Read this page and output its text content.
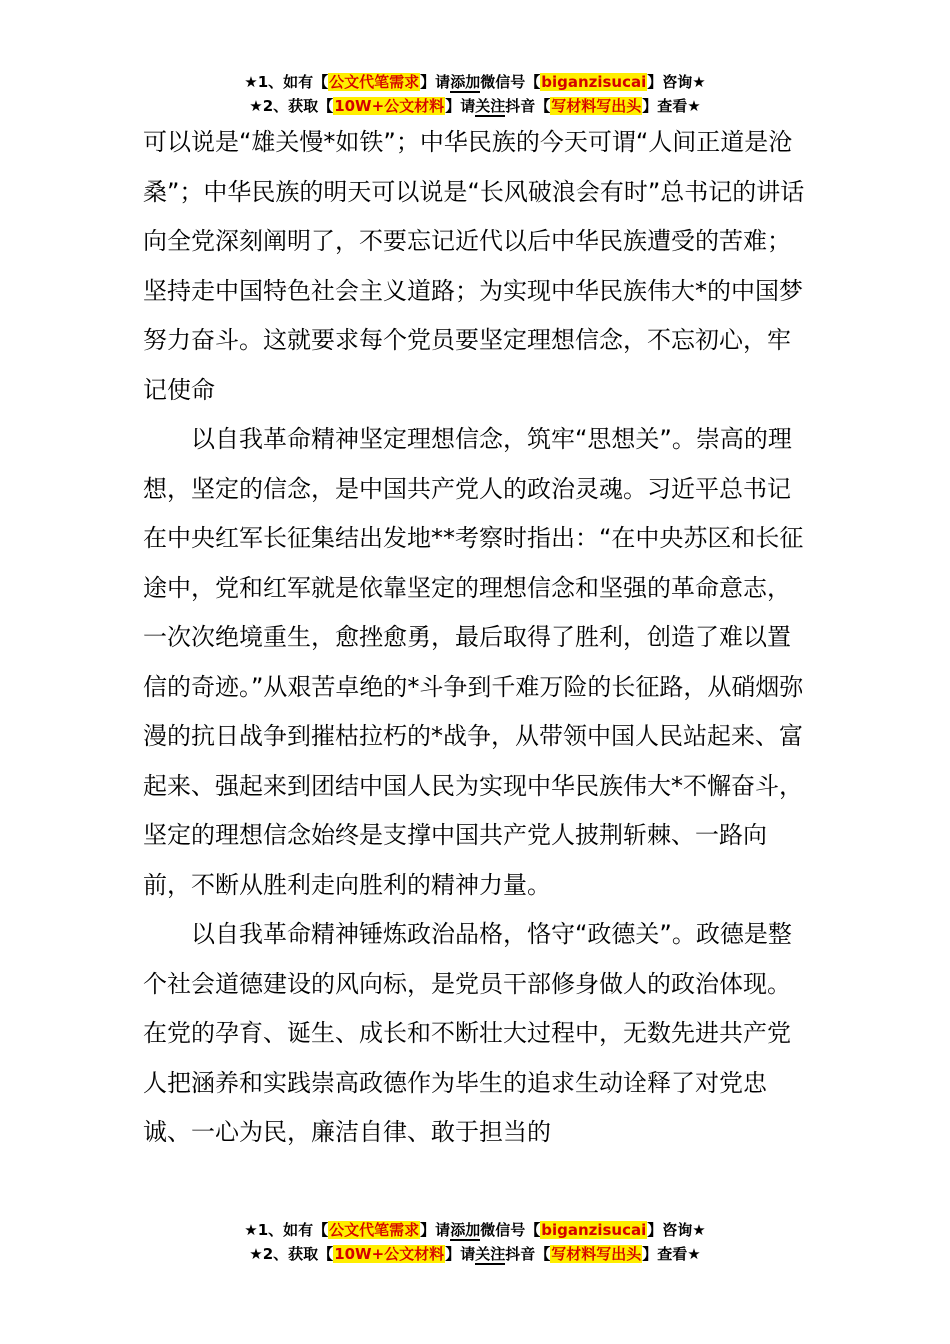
★1、如有【公文代笔需求】请添加微信号【biganzisucai】咨询★
★2、获取【10W+公文材料】请关注抖音【写材料写出头】查看★

可以说是“雄关慢*如铁”；中华民族的今天可谓“人间正道是沧桑”；中华民族的明天可以说是“长风破浪会有时”总书记的讲话向全党深刻阐明了，不要忘记近代以后中华民族遭受的苦难；坚持走中国特色社会主义道路；为实现中华民族伟大*的中国梦努力奋斗。这就要求每个党员要坚定理想信念，不忘初心，牢记使命

以自我革命精神坚定理想信念，筑牢“思想关”。崇高的理想，坚定的信念，是中国共产党人的政治灵魂。习近平总书记在中央红军长征集结出发地**考察时指出：“在中央苏区和长征途中，党和红军就是依靠坚定的理想信念和坚强的革命意志，一次次绝境重生，愈挫愈勇，最后取得了胜利，创造了难以置信的奇迹。”从艰苦卓绝的*斗争到千难万险的长征路，从硝烟弥漫的抗日战争到摧枯拉朽的*战争，从带领中国人民站起来、富起来、强起来到团结中国人民为实现中华民族伟大*不懈奋斗，坚定的理想信念始终是支撑中国共产党人披荆斩棘、一路向前，不断从胜利走向胜利的精神力量。

以自我革命精神锤炼政治品格，恪守“政德关”。政德是整个社会道德建设的风向标，是党员干部修身做人的政治体现。在党的孕育、诞生、成长和不断壮大过程中，无数先进共产党人把涵养和实践崇高政德作为毕生的追求生动诠释了对党忠诚、一心为民，廉洁自律、敢于担当的

★1、如有【公文代笔需求】请添加微信号【biganzisucai】咨询★
★2、获取【10W+公文材料】请关注抖音【写材料写出头】查看★
